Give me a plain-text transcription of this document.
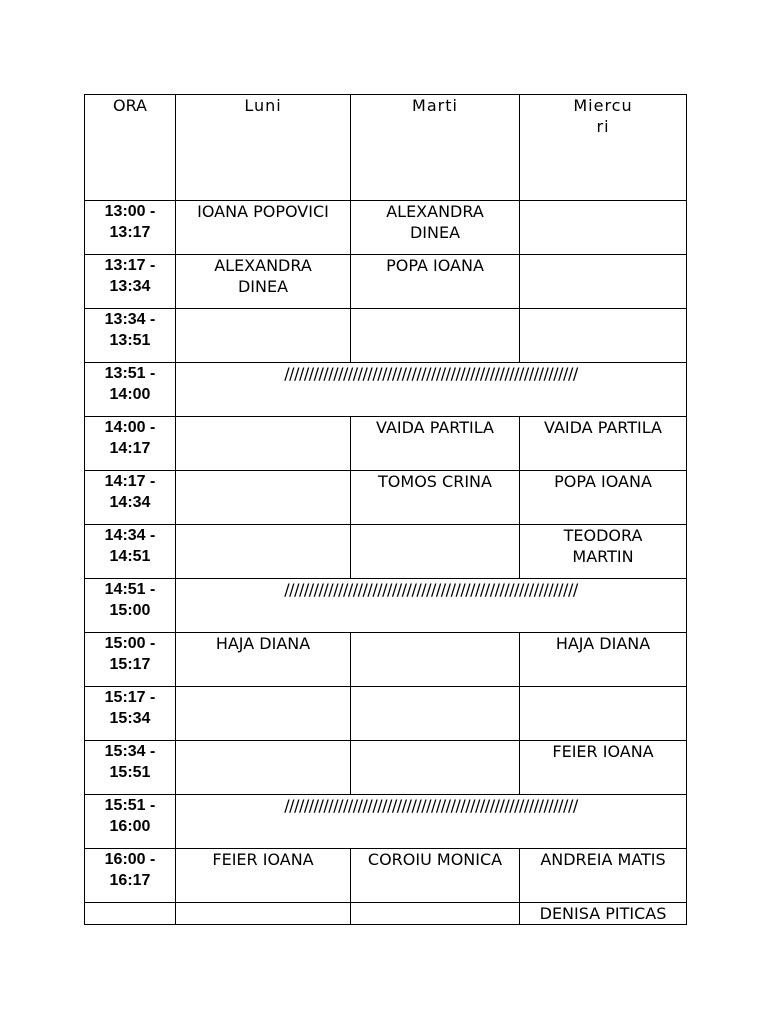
ORA	Luni	Marti	Miercu
ri
13:00 -
13:17	IOANA POPOVICI	ALEXANDRA
DINEA	
13:17 -
13:34	ALEXANDRA
DINEA	POPA IOANA	
13:34 -
13:51			
13:51 -
14:00	////////////////////////////////////////////////////////////		
14:00 -
14:17		VAIDA PARTILA	VAIDA PARTILA
14:17 -
14:34		TOMOS CRINA	POPA IOANA
14:34 -
14:51			TEODORA
MARTIN
14:51 -
15:00	////////////////////////////////////////////////////////////		
15:00 -
15:17	HAJA DIANA		HAJA DIANA
15:17 -
15:34			
15:34 -
15:51			FEIER IOANA
15:51 -
16:00	////////////////////////////////////////////////////////////		
16:00 -
16:17	FEIER IOANA	COROIU MONICA	ANDREIA MATIS
			DENISA PITICAS
